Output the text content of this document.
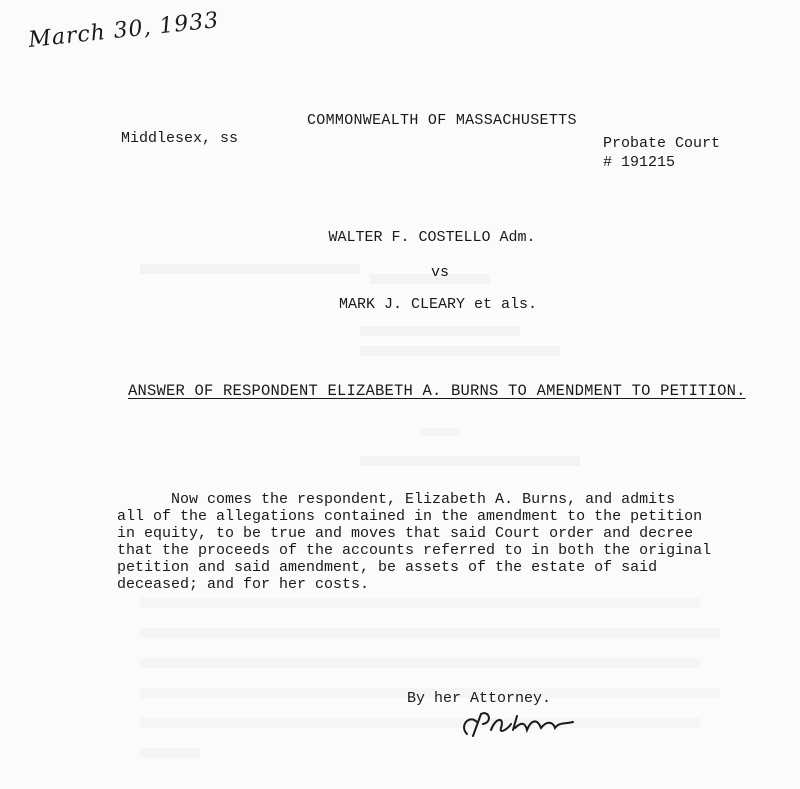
March 30, 1933
COMMONWEALTH OF MASSACHUSETTS
Middlesex, ss	Probate Court
# 191215
WALTER F. COSTELLO Adm.
vs
MARK J. CLEARY et als.
ANSWER OF RESPONDENT ELIZABETH A. BURNS TO AMENDMENT TO PETITION.
Now comes the respondent, Elizabeth A. Burns, and admits
all of the allegations contained in the amendment to the petition
in equity, to be true and moves that said Court order and decree
that the proceeds of the accounts referred to in both the original
petition and said amendment, be assets of the estate of said
deceased; and for her costs.
By her Attorney.
